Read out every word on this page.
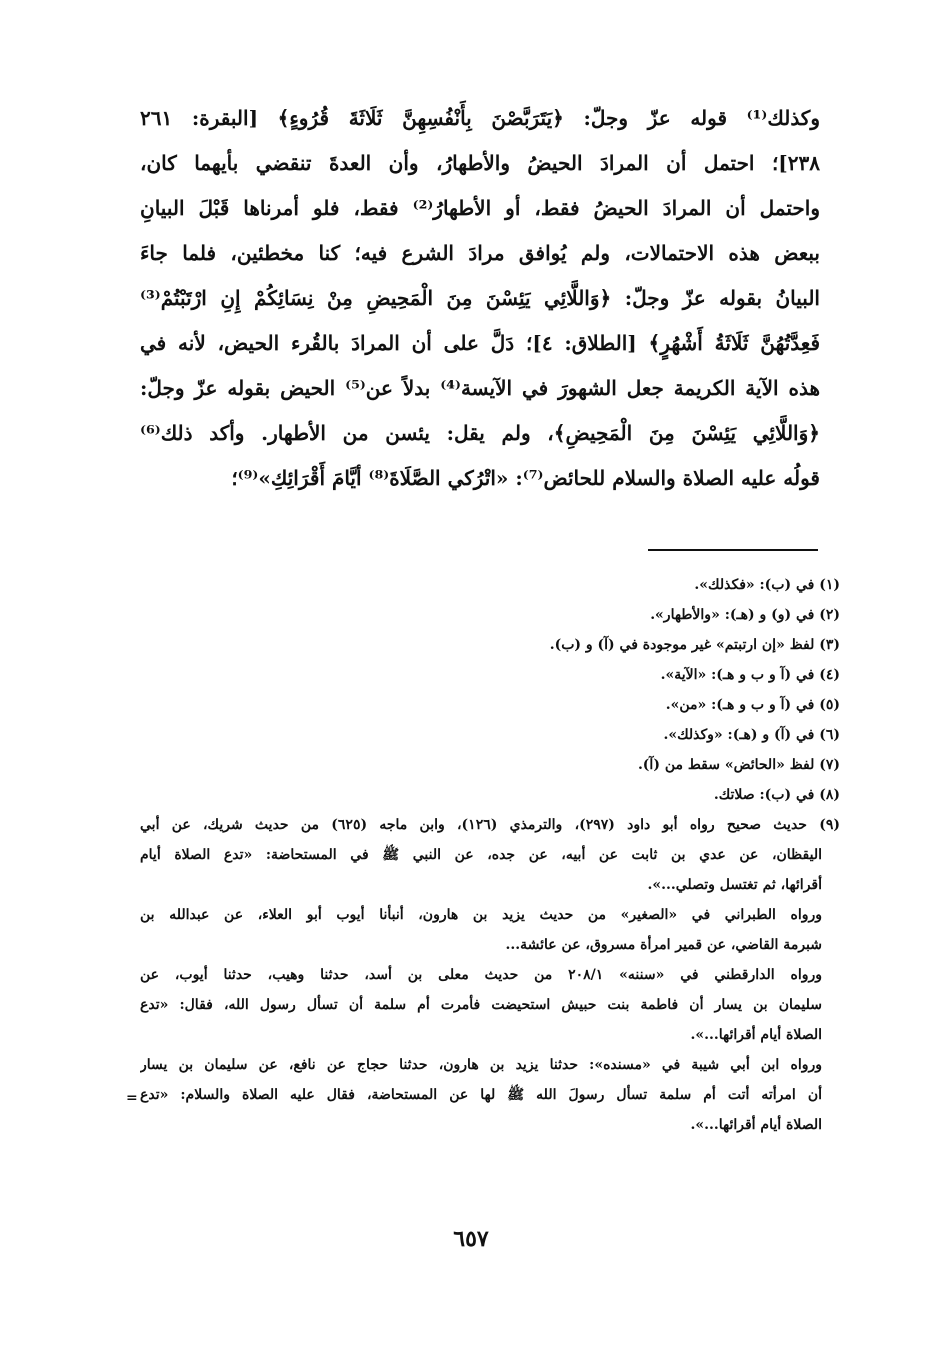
وكذلك⁽¹⁾ قوله عزّ وجلّ: ﴿يَتَرَبَّصْنَ بِأَنْفُسِهِنَّ ثَلَاثَةَ قُرُوءٍ﴾ [البقرة: ٢٦١
٢٣٨]؛ احتمل أن المرادَ الحيضُ والأطهارُ، وأن العدةَ تنقضي بأيهما كان،
واحتمل أن المرادَ الحيضُ فقط، أو الأطهارُ⁽²⁾ فقط، فلو أمرناها قَبْلَ البيانِ
ببعض هذه الاحتمالات، ولم يُوافق مرادَ الشرع فيه؛ كنا مخطئين، فلما جاءَ
البيانُ بقوله عزّ وجلّ: ﴿وَاللَّائِي يَئِسْنَ مِنَ الْمَحِيضِ مِنْ نِسَائِكُمْ إِنِ ارْتَبْتُمْ⁽³⁾
فَعِدَّتُهُنَّ ثَلَاثَةُ أَشْهُرٍ﴾ [الطلاق: ٤]؛ دَلَّ على أن المرادَ بالقُرء الحيض، لأنه في
هذه الآية الكريمة جعل الشهورَ في الآيسة⁽⁴⁾ بدلاً عن⁽⁵⁾ الحيض بقوله عزّ وجلّ:
﴿وَاللَّائِي يَئِسْنَ مِنَ الْمَحِيضِ﴾، ولم يقل: يئسن من الأطهار. وأكد ذلك⁽⁶⁾
قولُه عليه الصلاة والسلام للحائض⁽⁷⁾: «اتْرُكي الصَّلَاةَ⁽⁸⁾ أيَّامَ أَقْرَائِكِ»⁽⁹⁾؛
(١) في (ب): «فكذلك».
(٢) في (و) و (هـ): «والأطهار».
(٣) لفظ «إن ارتبتم» غير موجودة في (آ) و (ب).
(٤) في (آ و ب و هـ): «الآية».
(٥) في (آ و ب و هـ): «من».
(٦) في (آ) و (هـ): «وكذلك».
(٧) لفظ «الحائض» سقط من (آ).
(٨) في (ب): صلاتك.
(٩) حديث صحيح رواه أبو داود (٢٩٧)، والترمذي (١٢٦)، وابن ماجه (٦٢٥) من حديث شريك، عن أبي
اليقظان، عن عدي بن ثابت عن أبيه، عن جده، عن النبي ﷺ في المستحاضة: «تدع الصلاة أيام
أقرائها، ثم تغتسل وتصلي...».
ورواه الطبراني في «الصغير» من حديث يزيد بن هارون، أنبأنا أيوب أبو العلاء، عن عبدالله بن
شبرمة القاضي، عن قمير امرأة مسروق، عن عائشة...
ورواه الدارقطني في «سننه» ٢٠٨/١ من حديث معلى بن أسد، حدثنا وهيب، حدثنا أيوب، عن
سليمان بن يسار أن فاطمة بنت حبيش استحيضت فأمرت أم سلمة أن تسأل رسول الله، فقال: «تدع
الصلاة أيام أقرائها...».
ورواه ابن أبي شيبة في «مسنده»: حدثنا يزيد بن هارون، حدثنا حجاج عن نافع، عن سليمان بن يسار
أن امرأته أتت أم سلمة تسأل رسولَ الله ﷺ لها عن المستحاضة، فقال عليه الصلاة والسلام: «تدع
الصلاة أيام أقرائها...».
=
٦٥٧
